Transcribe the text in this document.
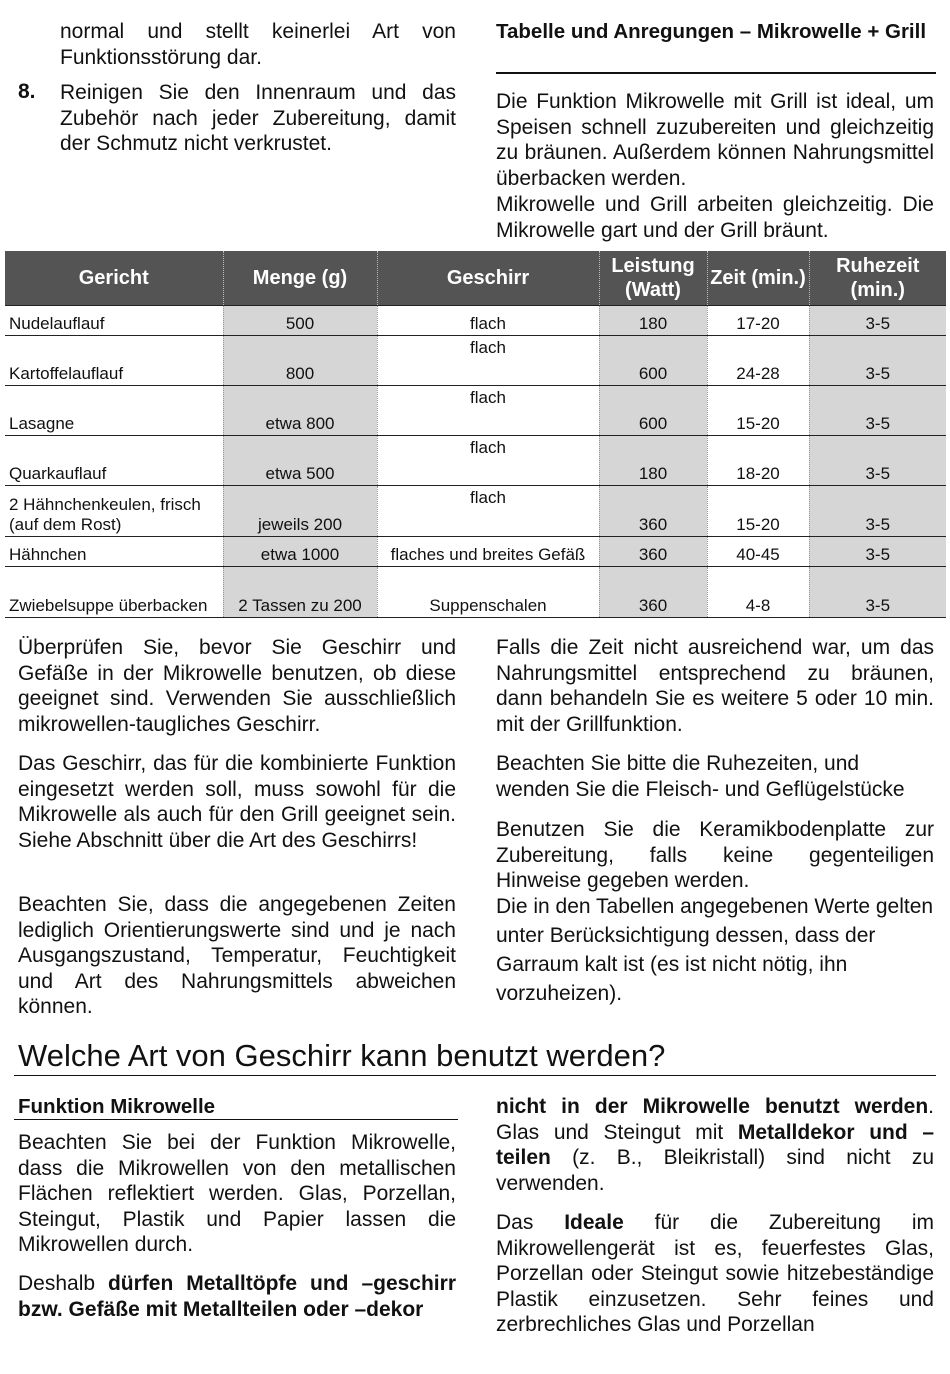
normal und stellt keinerlei Art von Funktionsstörung dar.
8. Reinigen Sie den Innenraum und das Zubehör nach jeder Zubereitung, damit der Schmutz nicht verkrustet.
Tabelle und Anregungen – Mikrowelle + Grill
Die Funktion Mikrowelle mit Grill ist ideal, um Speisen schnell zuzubereiten und gleichzeitig zu bräunen. Außerdem können Nahrungsmittel überbacken werden.
Mikrowelle und Grill arbeiten gleichzeitig. Die Mikrowelle gart und der Grill bräunt.
Gericht	Menge (g)	Geschirr	Leistung (Watt)	Zeit (min.)	Ruhezeit (min.)
Nudelauflauf	500	flach	180	17-20	3-5
Kartoffelauflauf	800	flach	600	24-28	3-5
Lasagne	etwa 800	flach	600	15-20	3-5
Quarkauflauf	etwa 500	flach	180	18-20	3-5
2 Hähnchenkeulen, frisch (auf dem Rost)	jeweils 200	flach	360	15-20	3-5
Hähnchen	etwa 1000	flaches und breites Gefäß	360	40-45	3-5
Zwiebelsuppe überbacken	2 Tassen zu 200	Suppenschalen	360	4-8	3-5
Überprüfen Sie, bevor Sie Geschirr und Gefäße in der Mikrowelle benutzen, ob diese geeignet sind. Verwenden Sie ausschließlich mikrowellen-taugliches Geschirr.
Das Geschirr, das für die kombinierte Funktion eingesetzt werden soll, muss sowohl für die Mikrowelle als auch für den Grill geeignet sein. Siehe Abschnitt über die Art des Geschirrs!
Beachten Sie, dass die angegebenen Zeiten lediglich Orientierungswerte sind und je nach Ausgangszustand, Temperatur, Feuchtigkeit und Art des Nahrungsmittels abweichen können.
Falls die Zeit nicht ausreichend war, um das Nahrungsmittel entsprechend zu bräunen, dann behandeln Sie es weitere 5 oder 10 min. mit der Grillfunktion.
Beachten Sie bitte die Ruhezeiten, und wenden Sie die Fleisch- und Geflügelstücke
Benutzen Sie die Keramikbodenplatte zur Zubereitung, falls keine gegenteiligen Hinweise gegeben werden.
Die in den Tabellen angegebenen Werte gelten unter Berücksichtigung dessen, dass der Garraum kalt ist (es ist nicht nötig, ihn vorzuheizen).
Welche Art von Geschirr kann benutzt werden?
Funktion Mikrowelle
Beachten Sie bei der Funktion Mikrowelle, dass die Mikrowellen von den metallischen Flächen reflektiert werden. Glas, Porzellan, Steingut, Plastik und Papier lassen die Mikrowellen durch.
Deshalb dürfen Metalltöpfe und –geschirr bzw. Gefäße mit Metallteilen oder –dekor
nicht in der Mikrowelle benutzt werden. Glas und Steingut mit Metalldekor und –teilen (z. B., Bleikristall) sind nicht zu verwenden.
Das Ideale für die Zubereitung im Mikrowellengerät ist es, feuerfestes Glas, Porzellan oder Steingut sowie hitzebeständige Plastik einzusetzen. Sehr feines und zerbrechliches Glas und Porzellan
